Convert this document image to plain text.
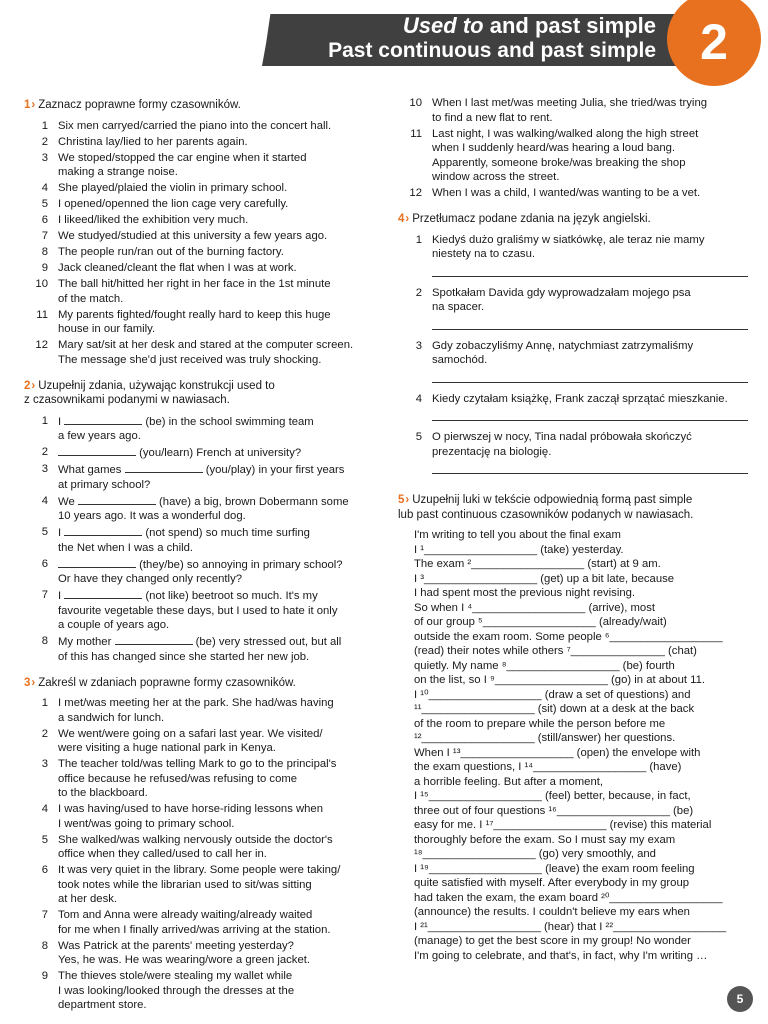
Used to and past simple
Past continuous and past simple 2
1 › Zaznacz poprawne formy czasowników.
1 Six men carryed/carried the piano into the concert hall.
2 Christina lay/lied to her parents again.
3 We stoped/stopped the car engine when it started
making a strange noise.
4 She played/plaied the violin in primary school.
5 I opened/openned the lion cage very carefully.
6 I likeed/liked the exhibition very much.
7 We studyed/studied at this university a few years ago.
8 The people run/ran out of the burning factory.
9 Jack cleaned/cleant the flat when I was at work.
10 The ball hit/hitted her right in her face in the 1st minute
of the match.
11 My parents fighted/fought really hard to keep this huge
house in our family.
12 Mary sat/sit at her desk and stared at the computer screen.
The message she'd just received was truly shocking.
2 › Uzupełnij zdania, używając konstrukcji used to
z czasownikami podanymi w nawiasach.
1 I	(be) in the school swimming team
a few years ago.
2	(you/learn) French at university?
3 What games	(you/play) in your first years
at primary school?
4 We	(have) a big, brown Dobermann some
10 years ago. It was a wonderful dog.
5 I	(not spend) so much time surfing
the Net when I was a child.
6	(they/be) so annoying in primary school?
Or have they changed only recently?
7 I	(not like) beetroot so much. It's my
favourite vegetable these days, but I used to hate it only
a couple of years ago.
8 My mother	(be) very stressed out, but all
of this has changed since she started her new job.
3 › Zakreśl w zdaniach poprawne formy czasowników.
1 I met/was meeting her at the park. She had/was having
a sandwich for lunch.
2 We went/were going on a safari last year. We visited/
were visiting a huge national park in Kenya.
3 The teacher told/was telling Mark to go to the principal's
office because he refused/was refusing to come
to the blackboard.
4 I was having/used to have horse-riding lessons when
I went/was going to primary school.
5 She walked/was walking nervously outside the doctor's
office when they called/used to call her in.
6 It was very quiet in the library. Some people were taking/
took notes while the librarian used to sit/was sitting
at her desk.
7 Tom and Anna were already waiting/already waited
for me when I finally arrived/was arriving at the station.
8 Was Patrick at the parents' meeting yesterday?
Yes, he was. He was wearing/wore a green jacket.
9 The thieves stole/were stealing my wallet while
I was looking/looked through the dresses at the
department store.
10 When I last met/was meeting Julia, she tried/was trying
to find a new flat to rent.
11 Last night, I was walking/walked along the high street
when I suddenly heard/was hearing a loud bang.
Apparently, someone broke/was breaking the shop
window across the street.
12 When I was a child, I wanted/was wanting to be a vet.
4 › Przetłumacz podane zdania na język angielski.
1 Kiedyś dużo graliśmy w siatkówkę, ale teraz nie mamy
niestety na to czasu.
2 Spotkałam Davida gdy wyprowadzałam mojego psa
na spacer.
3 Gdy zobaczyliśmy Annę, natychmiast zatrzymaliśmy
samochód.
4 Kiedy czytałam książkę, Frank zaczął sprzątać mieszkanie.
5 O pierwszej w nocy, Tina nadal próbowała skończyć
prezentację na biologię.
5 › Uzupełnij luki w tekście odpowiednią formą past simple
lub past continuous czasowników podanych w nawiasach.
I'm writing to tell you about the final exam
I ¹__________________ (take) yesterday.
The exam ²__________________ (start) at 9 am.
I ³__________________ (get) up a bit late, because
I had spent most the previous night revising.
So when I ⁴__________________ (arrive), most
of our group ⁵__________________ (already/wait)
outside the exam room. Some people ⁶__________________
(read) their notes while others ⁷_______________ (chat)
quietly. My name ⁸__________________ (be) fourth
on the list, so I ⁹__________________ (go) in at about 11.
I ¹⁰__________________ (draw a set of questions) and
¹¹__________________ (sit) down at a desk at the back
of the room to prepare while the person before me
¹²__________________ (still/answer) her questions.
When I ¹³__________________ (open) the envelope with
the exam questions, I ¹⁴__________________ (have)
a horrible feeling. But after a moment,
I ¹⁵__________________ (feel) better, because, in fact,
three out of four questions ¹⁶__________________ (be)
easy for me. I ¹⁷__________________ (revise) this material
thoroughly before the exam. So I must say my exam
¹⁸__________________ (go) very smoothly, and
I ¹⁹__________________ (leave) the exam room feeling
quite satisfied with myself. After everybody in my group
had taken the exam, the exam board ²⁰__________________
(announce) the results. I couldn't believe my ears when
I ²¹__________________ (hear) that I ²²__________________
(manage) to get the best score in my group! No wonder
I'm going to celebrate, and that's, in fact, why I'm writing …
5
